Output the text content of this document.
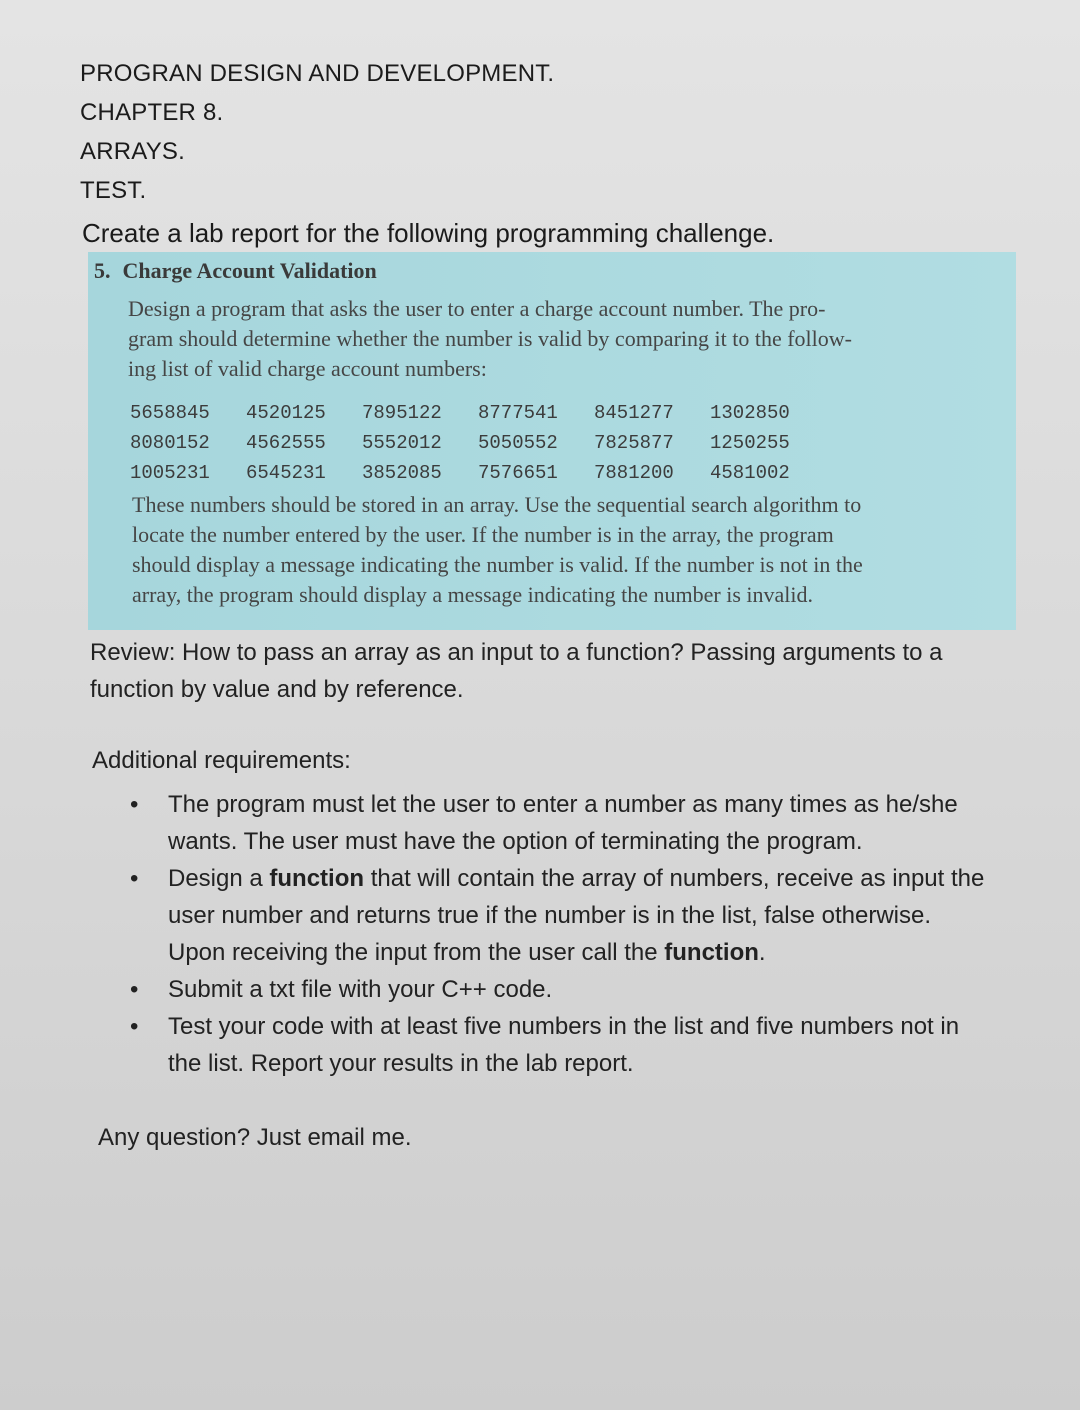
PROGRAN DESIGN AND DEVELOPMENT.
CHAPTER 8.
ARRAYS.
TEST.
Create a lab report for the following programming challenge.
5. Charge Account Validation
Design a program that asks the user to enter a charge account number. The pro-
gram should determine whether the number is valid by comparing it to the follow-
ing list of valid charge account numbers:
5658845	4520125	7895122	8777541	8451277	1302850
8080152	4562555	5552012	5050552	7825877	1250255
1005231	6545231	3852085	7576651	7881200	4581002
These numbers should be stored in an array. Use the sequential search algorithm to
locate the number entered by the user. If the number is in the array, the program
should display a message indicating the number is valid. If the number is not in the
array, the program should display a message indicating the number is invalid.
Review: How to pass an array as an input to a function? Passing arguments to a
function by value and by reference.
Additional requirements:
• The program must let the user to enter a number as many times as he/she
wants. The user must have the option of terminating the program.
• Design a function that will contain the array of numbers, receive as input the
user number and returns true if the number is in the list, false otherwise.
Upon receiving the input from the user call the function.
• Submit a txt file with your C++ code.
• Test your code with at least five numbers in the list and five numbers not in
the list. Report your results in the lab report.
Any question? Just email me.
